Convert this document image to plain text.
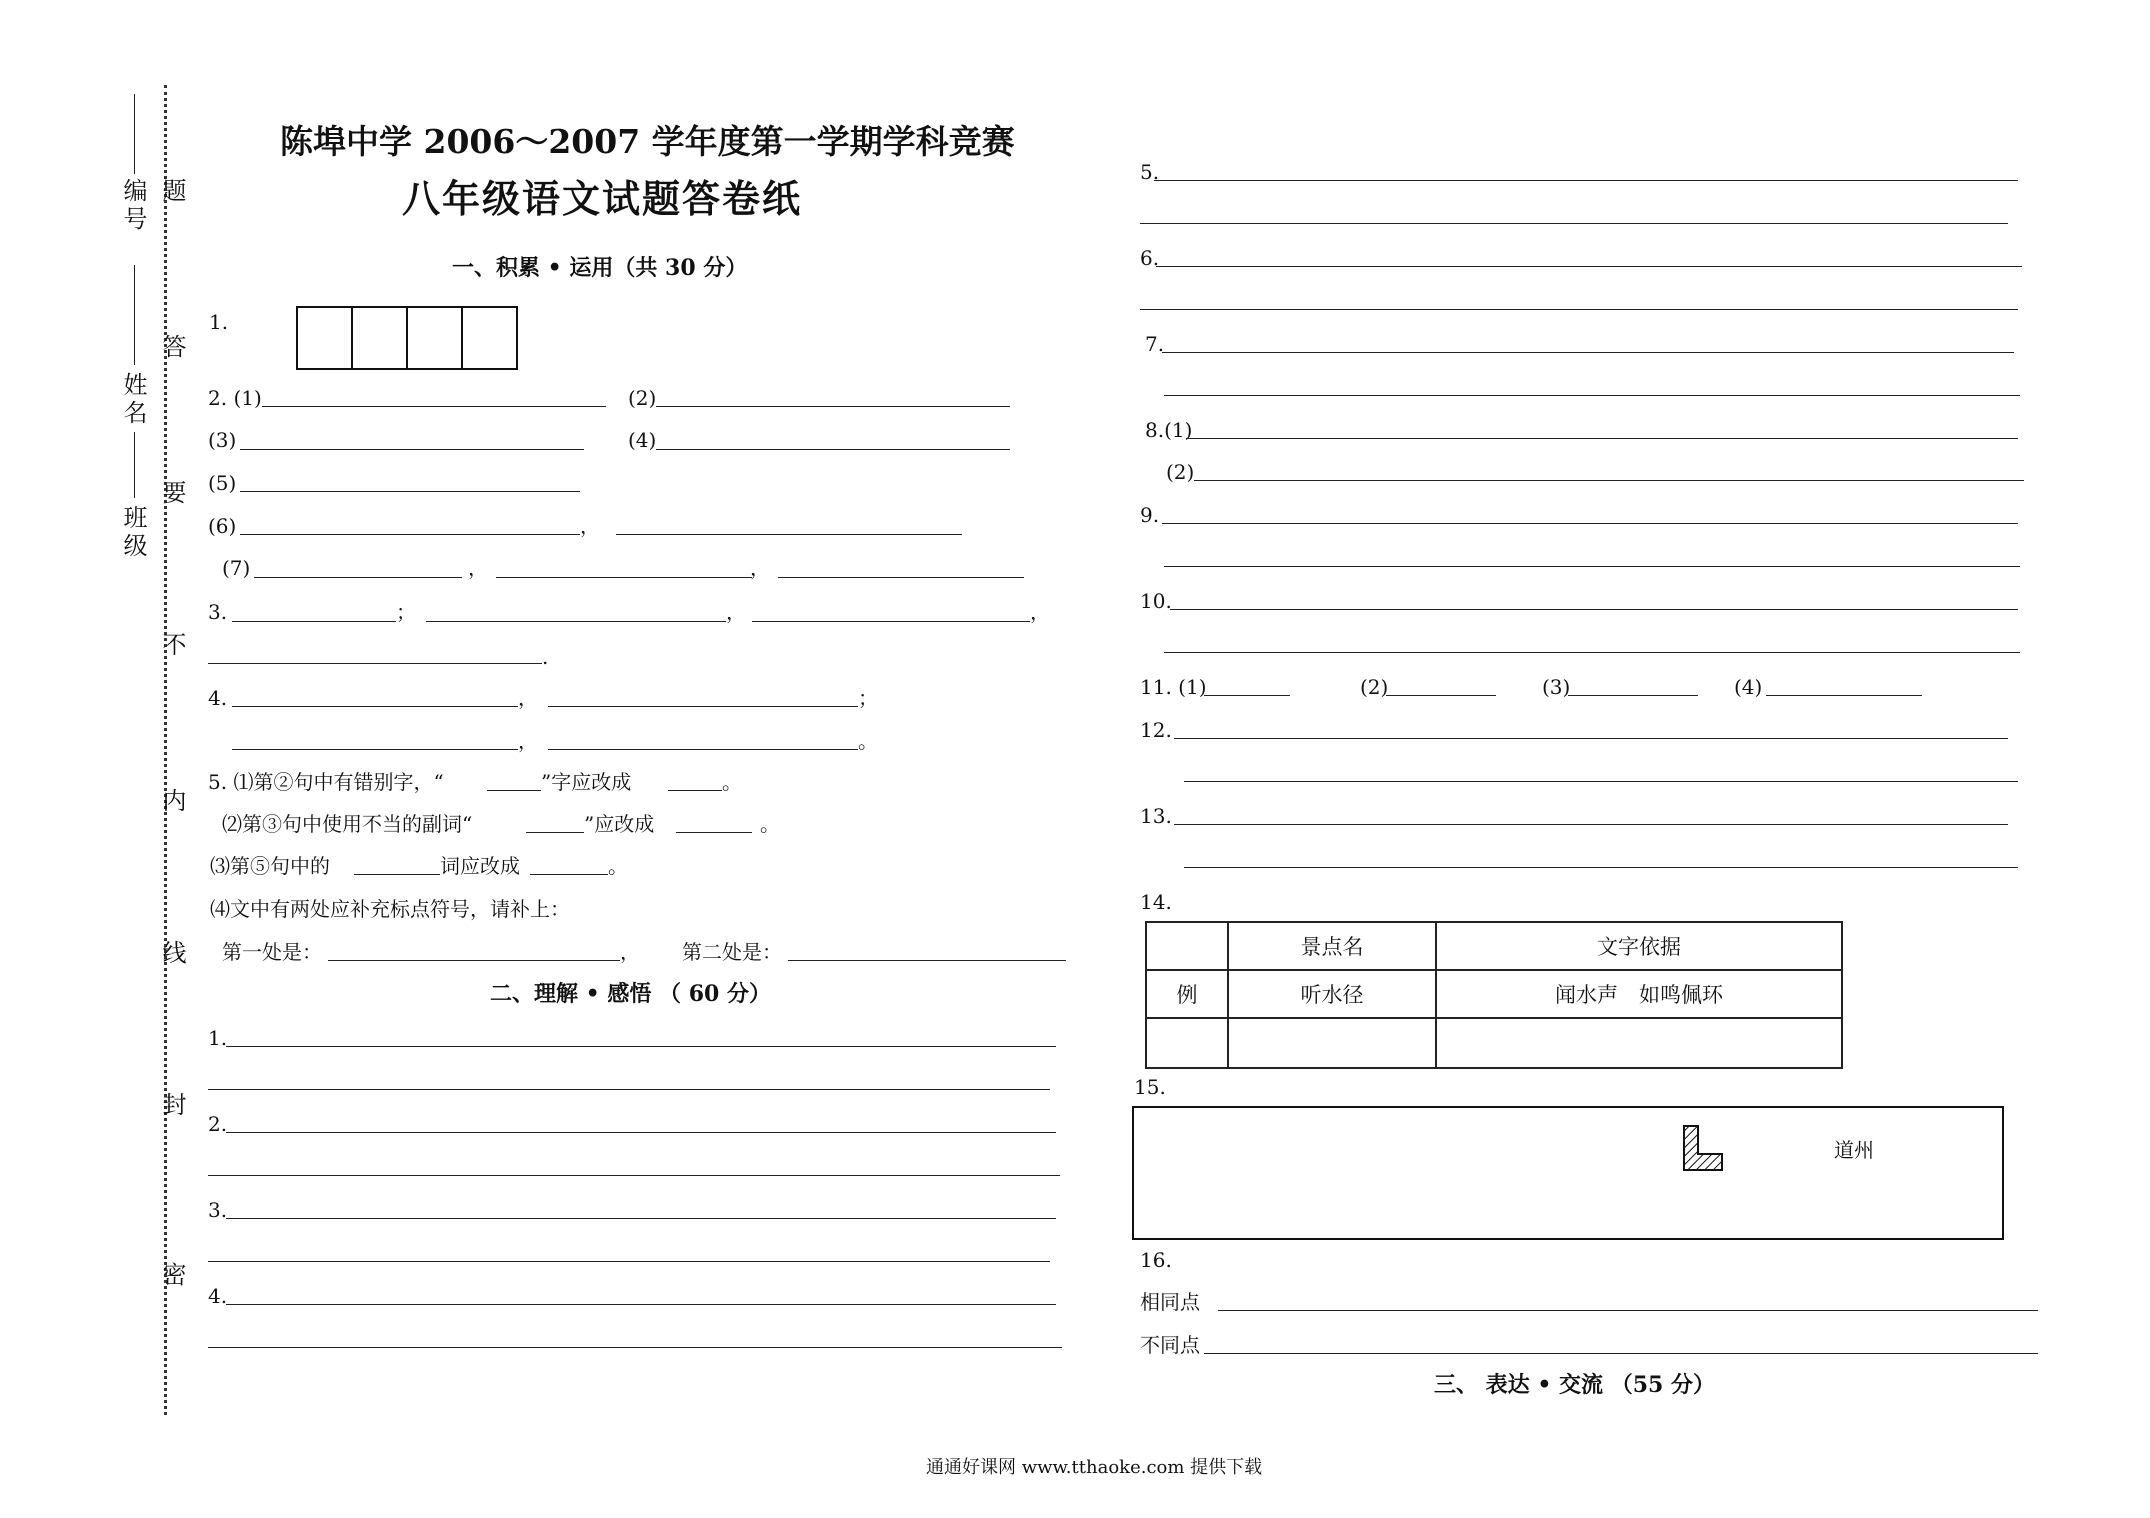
编号
姓名
班级
题
答
要
不
内
线
封
密
陈埠中学 2006～2007 学年度第一学期学科竞赛
八年级语文试题答卷纸
一、积累 • 运用（共 30 分）
1.
2. (1)	(2)
(3)	(4)
(5)
(6)	，
(7)	，	，
3.	；	，	，
.
4.	，	；
，	。
5. ⑴第②句中有错别字，“	”字应改成	。
⑵第③句中使用不当的副词“	”应改成	。
⑶第⑤句中的	词应改成	。
⑷文中有两处应补充标点符号，请补上：
第一处是：	， 第二处是：
二、理解 • 感悟 （ 60 分）
1.
2.
3.
4.
5.
6.
7.
8.(1)
(2)
9.
10.
11. (1)	(2)	(3)	(4)
12.
13.
14.
	景点名	文字依据
例	听水径	闻水声　如鸣佩环

15.
道州
16.
相同点
不同点
三、 表达 • 交流 （55 分）
通通好课网 www.tthaoke.com 提供下载
